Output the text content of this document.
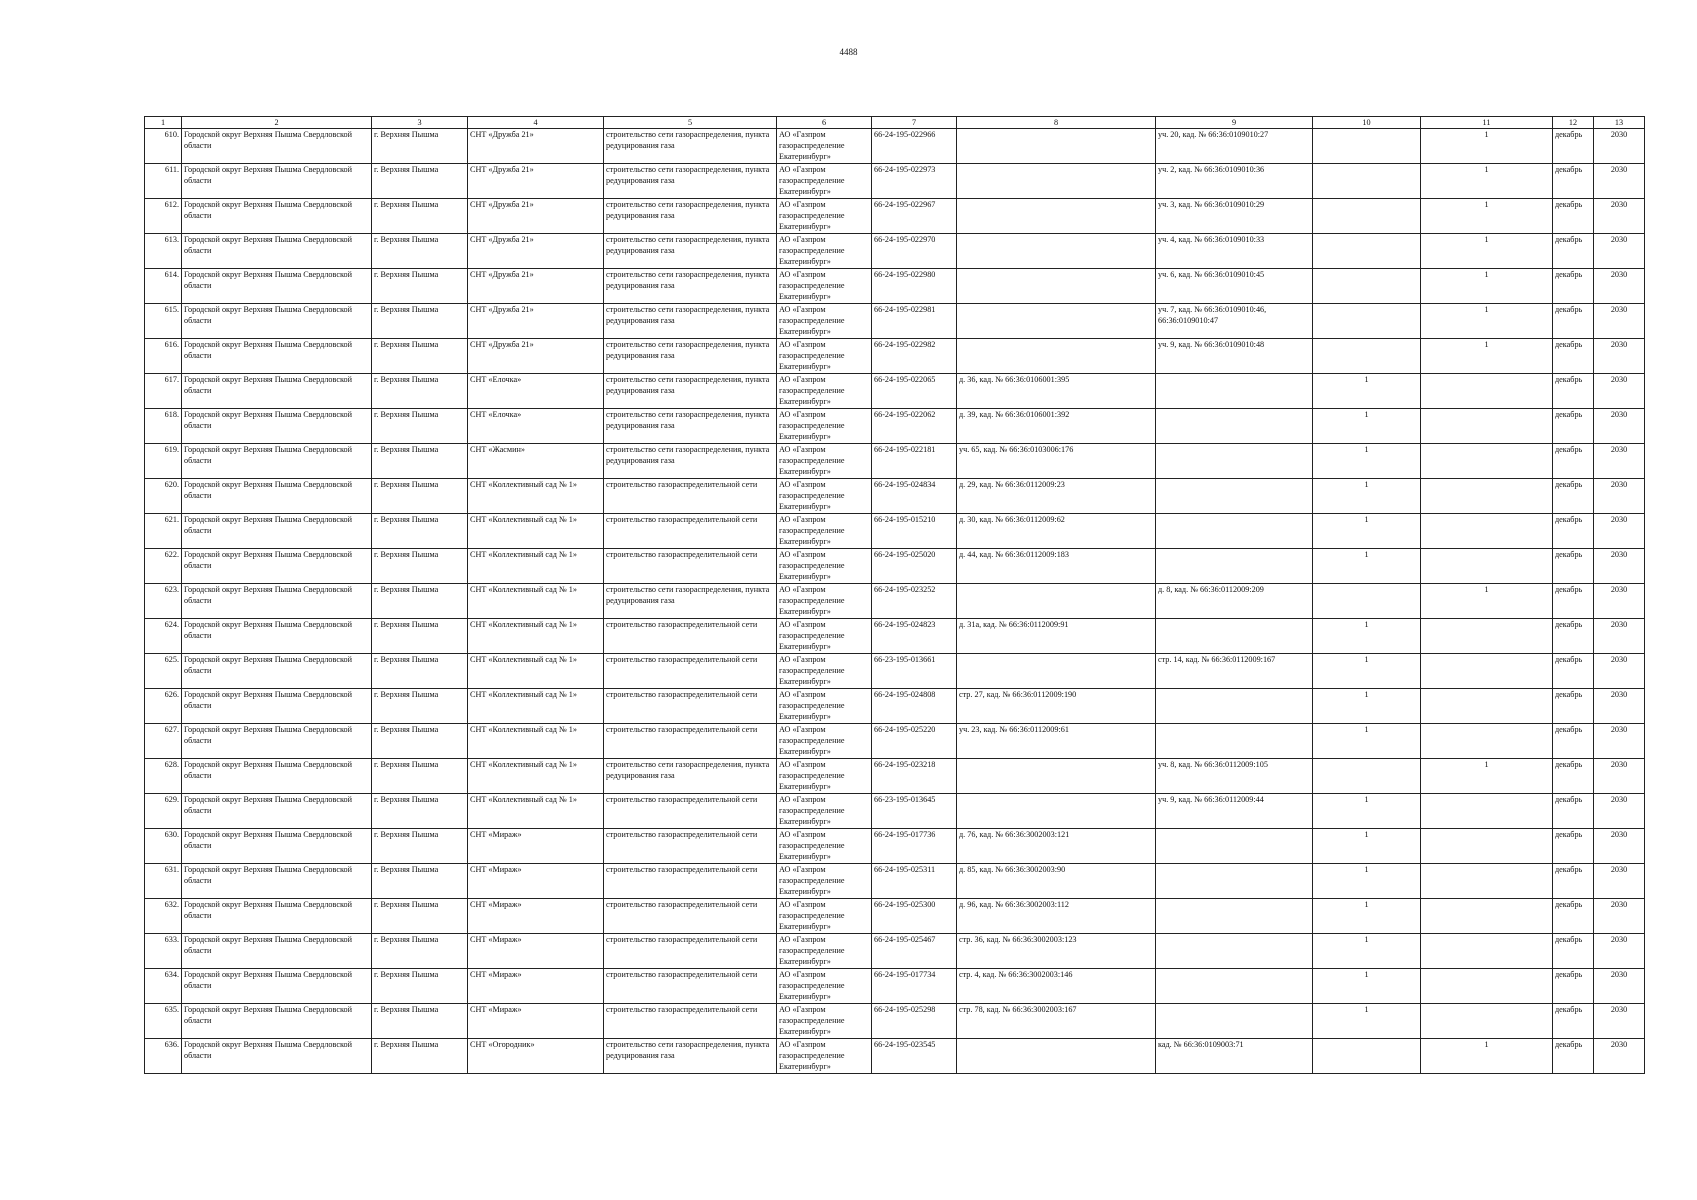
4488
1	2	3	4	5	6	7	8	9	10	11	12	13
610.	Городской округ Верхняя Пышма Свердловской области	г. Верхняя Пышма	СНТ «Дружба 21»	строительство сети газораспределения, пункта редуцирования газа	АО «Газпром газораспределение Екатеринбург»	66-24-195-022966		уч. 20, кад. № 66:36:0109010:27		1	декабрь	2030
611.	Городской округ Верхняя Пышма Свердловской области	г. Верхняя Пышма	СНТ «Дружба 21»	строительство сети газораспределения, пункта редуцирования газа	АО «Газпром газораспределение Екатеринбург»	66-24-195-022973		уч. 2, кад. № 66:36:0109010:36		1	декабрь	2030
612.	Городской округ Верхняя Пышма Свердловской области	г. Верхняя Пышма	СНТ «Дружба 21»	строительство сети газораспределения, пункта редуцирования газа	АО «Газпром газораспределение Екатеринбург»	66-24-195-022967		уч. 3, кад. № 66:36:0109010:29		1	декабрь	2030
613.	Городской округ Верхняя Пышма Свердловской области	г. Верхняя Пышма	СНТ «Дружба 21»	строительство сети газораспределения, пункта редуцирования газа	АО «Газпром газораспределение Екатеринбург»	66-24-195-022970		уч. 4, кад. № 66:36:0109010:33		1	декабрь	2030
614.	Городской округ Верхняя Пышма Свердловской области	г. Верхняя Пышма	СНТ «Дружба 21»	строительство сети газораспределения, пункта редуцирования газа	АО «Газпром газораспределение Екатеринбург»	66-24-195-022980		уч. 6, кад. № 66:36:0109010:45		1	декабрь	2030
615.	Городской округ Верхняя Пышма Свердловской области	г. Верхняя Пышма	СНТ «Дружба 21»	строительство сети газораспределения, пункта редуцирования газа	АО «Газпром газораспределение Екатеринбург»	66-24-195-022981		уч. 7, кад. № 66:36:0109010:46, 66:36:0109010:47		1	декабрь	2030
616.	Городской округ Верхняя Пышма Свердловской области	г. Верхняя Пышма	СНТ «Дружба 21»	строительство сети газораспределения, пункта редуцирования газа	АО «Газпром газораспределение Екатеринбург»	66-24-195-022982		уч. 9, кад. № 66:36:0109010:48		1	декабрь	2030
617.	Городской округ Верхняя Пышма Свердловской области	г. Верхняя Пышма	СНТ «Елочка»	строительство сети газораспределения, пункта редуцирования газа	АО «Газпром газораспределение Екатеринбург»	66-24-195-022065	д. 36, кад. № 66:36:0106001:395		1		декабрь	2030
618.	Городской округ Верхняя Пышма Свердловской области	г. Верхняя Пышма	СНТ «Елочка»	строительство сети газораспределения, пункта редуцирования газа	АО «Газпром газораспределение Екатеринбург»	66-24-195-022062	д. 39, кад. № 66:36:0106001:392		1		декабрь	2030
619.	Городской округ Верхняя Пышма Свердловской области	г. Верхняя Пышма	СНТ «Жасмин»	строительство сети газораспределения, пункта редуцирования газа	АО «Газпром газораспределение Екатеринбург»	66-24-195-022181	уч. 65, кад. № 66:36:0103006:176		1		декабрь	2030
620.	Городской округ Верхняя Пышма Свердловской области	г. Верхняя Пышма	СНТ «Коллективный сад № 1»	строительство газораспределительной сети	АО «Газпром газораспределение Екатеринбург»	66-24-195-024834	д. 29, кад. № 66:36:0112009:23		1		декабрь	2030
621.	Городской округ Верхняя Пышма Свердловской области	г. Верхняя Пышма	СНТ «Коллективный сад № 1»	строительство газораспределительной сети	АО «Газпром газораспределение Екатеринбург»	66-24-195-015210	д. 30, кад. № 66:36:0112009:62		1		декабрь	2030
622.	Городской округ Верхняя Пышма Свердловской области	г. Верхняя Пышма	СНТ «Коллективный сад № 1»	строительство газораспределительной сети	АО «Газпром газораспределение Екатеринбург»	66-24-195-025020	д. 44, кад. № 66:36:0112009:183		1		декабрь	2030
623.	Городской округ Верхняя Пышма Свердловской области	г. Верхняя Пышма	СНТ «Коллективный сад № 1»	строительство сети газораспределения, пункта редуцирования газа	АО «Газпром газораспределение Екатеринбург»	66-24-195-023252		д. 8, кад. № 66:36:0112009:209		1	декабрь	2030
624.	Городской округ Верхняя Пышма Свердловской области	г. Верхняя Пышма	СНТ «Коллективный сад № 1»	строительство газораспределительной сети	АО «Газпром газораспределение Екатеринбург»	66-24-195-024823	д. 31а, кад. № 66:36:0112009:91		1		декабрь	2030
625.	Городской округ Верхняя Пышма Свердловской области	г. Верхняя Пышма	СНТ «Коллективный сад № 1»	строительство газораспределительной сети	АО «Газпром газораспределение Екатеринбург»	66-23-195-013661		стр. 14, кад. № 66:36:0112009:167	1		декабрь	2030
626.	Городской округ Верхняя Пышма Свердловской области	г. Верхняя Пышма	СНТ «Коллективный сад № 1»	строительство газораспределительной сети	АО «Газпром газораспределение Екатеринбург»	66-24-195-024808	стр. 27, кад. № 66:36:0112009:190		1		декабрь	2030
627.	Городской округ Верхняя Пышма Свердловской области	г. Верхняя Пышма	СНТ «Коллективный сад № 1»	строительство газораспределительной сети	АО «Газпром газораспределение Екатеринбург»	66-24-195-025220	уч. 23, кад. № 66:36:0112009:61		1		декабрь	2030
628.	Городской округ Верхняя Пышма Свердловской области	г. Верхняя Пышма	СНТ «Коллективный сад № 1»	строительство сети газораспределения, пункта редуцирования газа	АО «Газпром газораспределение Екатеринбург»	66-24-195-023218		уч. 8, кад. № 66:36:0112009:105		1	декабрь	2030
629.	Городской округ Верхняя Пышма Свердловской области	г. Верхняя Пышма	СНТ «Коллективный сад № 1»	строительство газораспределительной сети	АО «Газпром газораспределение Екатеринбург»	66-23-195-013645		уч. 9, кад. № 66:36:0112009:44	1		декабрь	2030
630.	Городской округ Верхняя Пышма Свердловской области	г. Верхняя Пышма	СНТ «Мираж»	строительство газораспределительной сети	АО «Газпром газораспределение Екатеринбург»	66-24-195-017736	д. 76, кад. № 66:36:3002003:121		1		декабрь	2030
631.	Городской округ Верхняя Пышма Свердловской области	г. Верхняя Пышма	СНТ «Мираж»	строительство газораспределительной сети	АО «Газпром газораспределение Екатеринбург»	66-24-195-025311	д. 85, кад. № 66:36:3002003:90		1		декабрь	2030
632.	Городской округ Верхняя Пышма Свердловской области	г. Верхняя Пышма	СНТ «Мираж»	строительство газораспределительной сети	АО «Газпром газораспределение Екатеринбург»	66-24-195-025300	д. 96, кад. № 66:36:3002003:112		1		декабрь	2030
633.	Городской округ Верхняя Пышма Свердловской области	г. Верхняя Пышма	СНТ «Мираж»	строительство газораспределительной сети	АО «Газпром газораспределение Екатеринбург»	66-24-195-025467	стр. 36, кад. № 66:36:3002003:123		1		декабрь	2030
634.	Городской округ Верхняя Пышма Свердловской области	г. Верхняя Пышма	СНТ «Мираж»	строительство газораспределительной сети	АО «Газпром газораспределение Екатеринбург»	66-24-195-017734	стр. 4, кад. № 66:36:3002003:146		1		декабрь	2030
635.	Городской округ Верхняя Пышма Свердловской области	г. Верхняя Пышма	СНТ «Мираж»	строительство газораспределительной сети	АО «Газпром газораспределение Екатеринбург»	66-24-195-025298	стр. 78, кад. № 66:36:3002003:167		1		декабрь	2030
636.	Городской округ Верхняя Пышма Свердловской области	г. Верхняя Пышма	СНТ «Огородник»	строительство сети газораспределения, пункта редуцирования газа	АО «Газпром газораспределение Екатеринбург»	66-24-195-023545		кад. № 66:36:0109003:71		1	декабрь	2030
